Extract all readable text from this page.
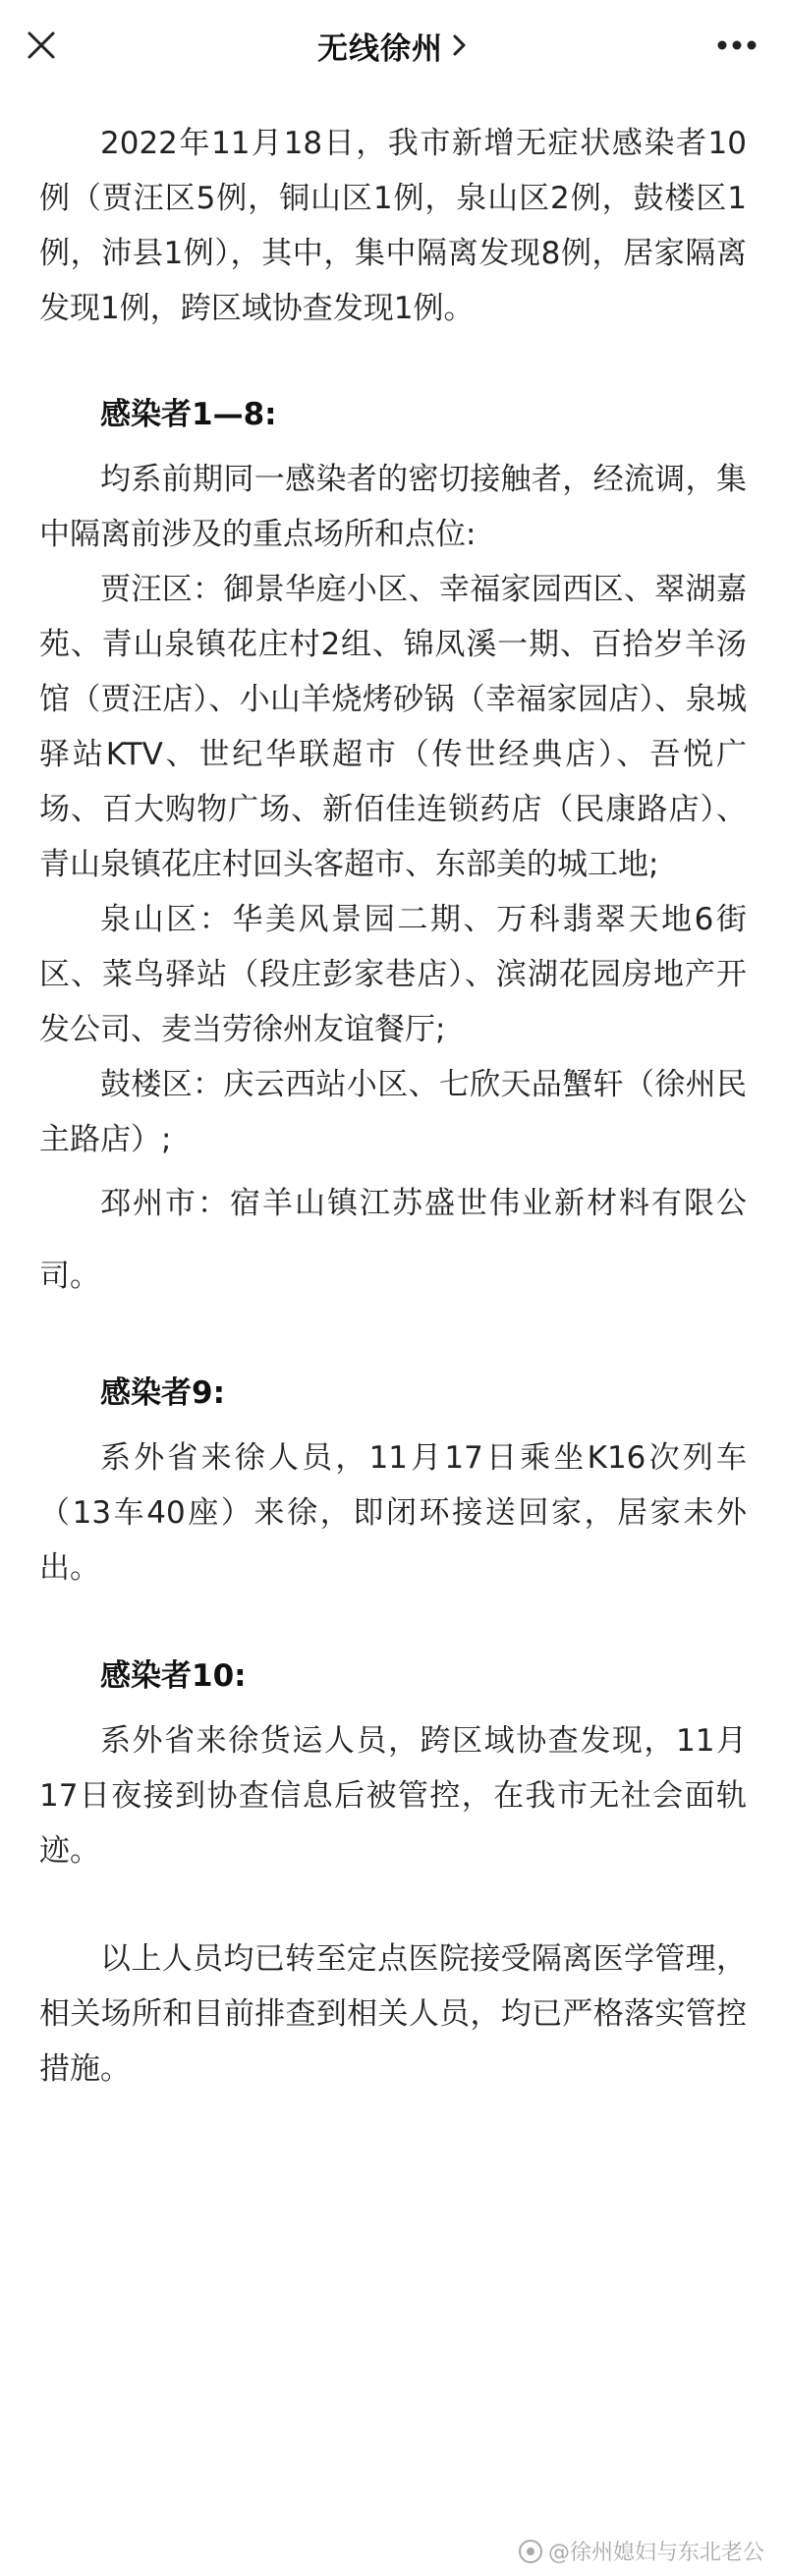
无线徐州

2022年11月18日，我市新增无症状感染者10例（贾汪区5例，铜山区1例，泉山区2例，鼓楼区1例，沛县1例），其中，集中隔离发现8例，居家隔离发现1例，跨区域协查发现1例。

感染者1—8:

均系前期同一感染者的密切接触者，经流调，集中隔离前涉及的重点场所和点位:

贾汪区：御景华庭小区、幸福家园西区、翠湖嘉苑、青山泉镇花庄村2组、锦凤溪一期、百拾岁羊汤馆（贾汪店）、小山羊烧烤砂锅（幸福家园店）、泉城驿站KTV、世纪华联超市（传世经典店）、吾悦广场、百大购物广场、新佰佳连锁药店（民康路店）、青山泉镇花庄村回头客超市、东部美的城工地;

泉山区：华美风景园二期、万科翡翠天地6街区、菜鸟驿站（段庄彭家巷店）、滨湖花园房地产开发公司、麦当劳徐州友谊餐厅;

鼓楼区：庆云西站小区、七欣天品蟹轩（徐州民主路店）;

邳州市：宿羊山镇江苏盛世伟业新材料有限公司。

感染者9:

系外省来徐人员，11月17日乘坐K16次列车（13车40座）来徐，即闭环接送回家，居家未外出。

感染者10:

系外省来徐货运人员，跨区域协查发现，11月17日夜接到协查信息后被管控，在我市无社会面轨迹。

以上人员均已转至定点医院接受隔离医学管理，相关场所和目前排查到相关人员，均已严格落实管控措施。

@徐州媳妇与东北老公
